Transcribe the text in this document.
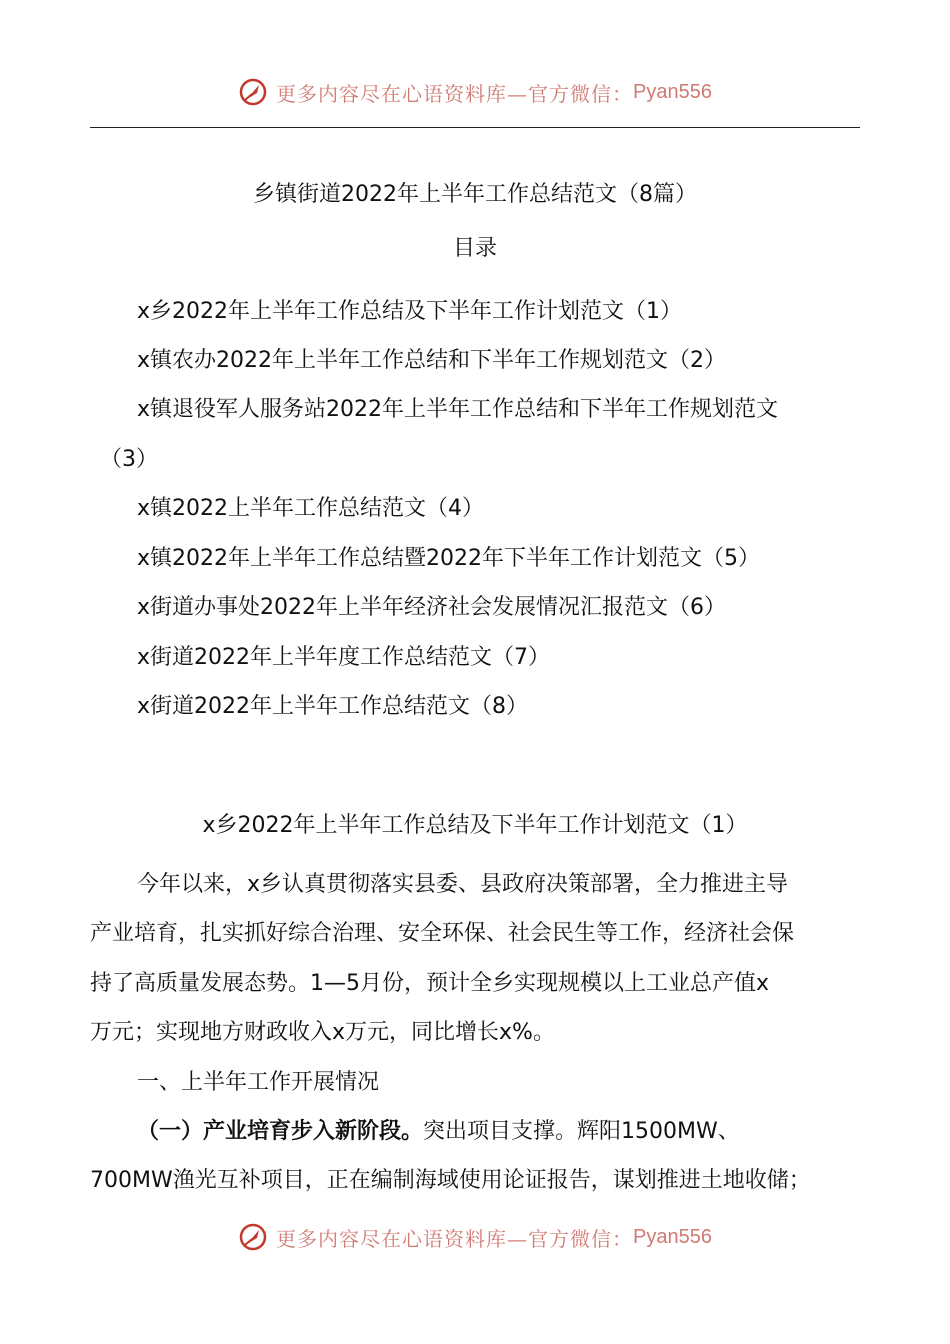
更多内容尽在心语资料库—官方微信： Pyan556
乡镇街道2022年上半年工作总结范文（8篇）
目录
x乡2022年上半年工作总结及下半年工作计划范文（1）
x镇农办2022年上半年工作总结和下半年工作规划范文（2）
x镇退役军人服务站2022年上半年工作总结和下半年工作规划范文
（3）
x镇2022上半年工作总结范文（4）
x镇2022年上半年工作总结暨2022年下半年工作计划范文（5）
x街道办事处2022年上半年经济社会发展情况汇报范文（6）
x街道2022年上半年度工作总结范文（7）
x街道2022年上半年工作总结范文（8）
x乡2022年上半年工作总结及下半年工作计划范文（1）
今年以来，x乡认真贯彻落实县委、县政府决策部署，全力推进主导
产业培育，扎实抓好综合治理、安全环保、社会民生等工作，经济社会保
持了高质量发展态势。1—5月份，预计全乡实现规模以上工业总产值x
万元；实现地方财政收入x万元，同比增长x%。
一、上半年工作开展情况
（一）产业培育步入新阶段。突出项目支撑。辉阳1500MW、
700MW渔光互补项目，正在编制海域使用论证报告，谋划推进土地收储；
更多内容尽在心语资料库—官方微信： Pyan556
